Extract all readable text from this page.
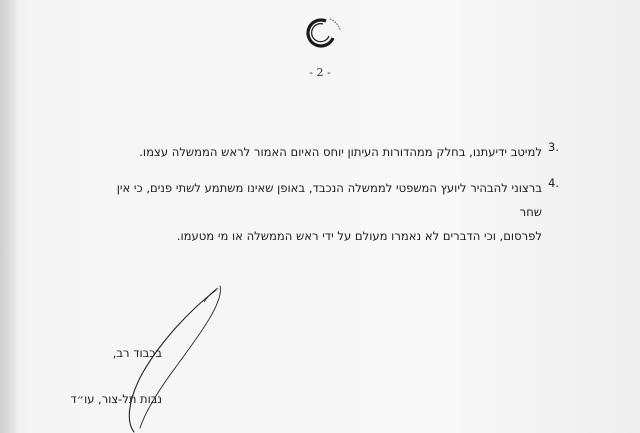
- 2 -
3.
למיטב ידיעתנו, בחלק ממהדורות העיתון יוחס האיום האמור לראש הממשלה עצמו.
4.
ברצוני להבהיר ליועץ המשפטי לממשלה הנכבד, באופן שאינו משתמע לשתי פנים, כי אין שחר
לפרסום, וכי הדברים לא נאמרו מעולם על ידי ראש הממשלה או מי מטעמו.
בכבוד רב,
נבות תל-צור, עו״ד
